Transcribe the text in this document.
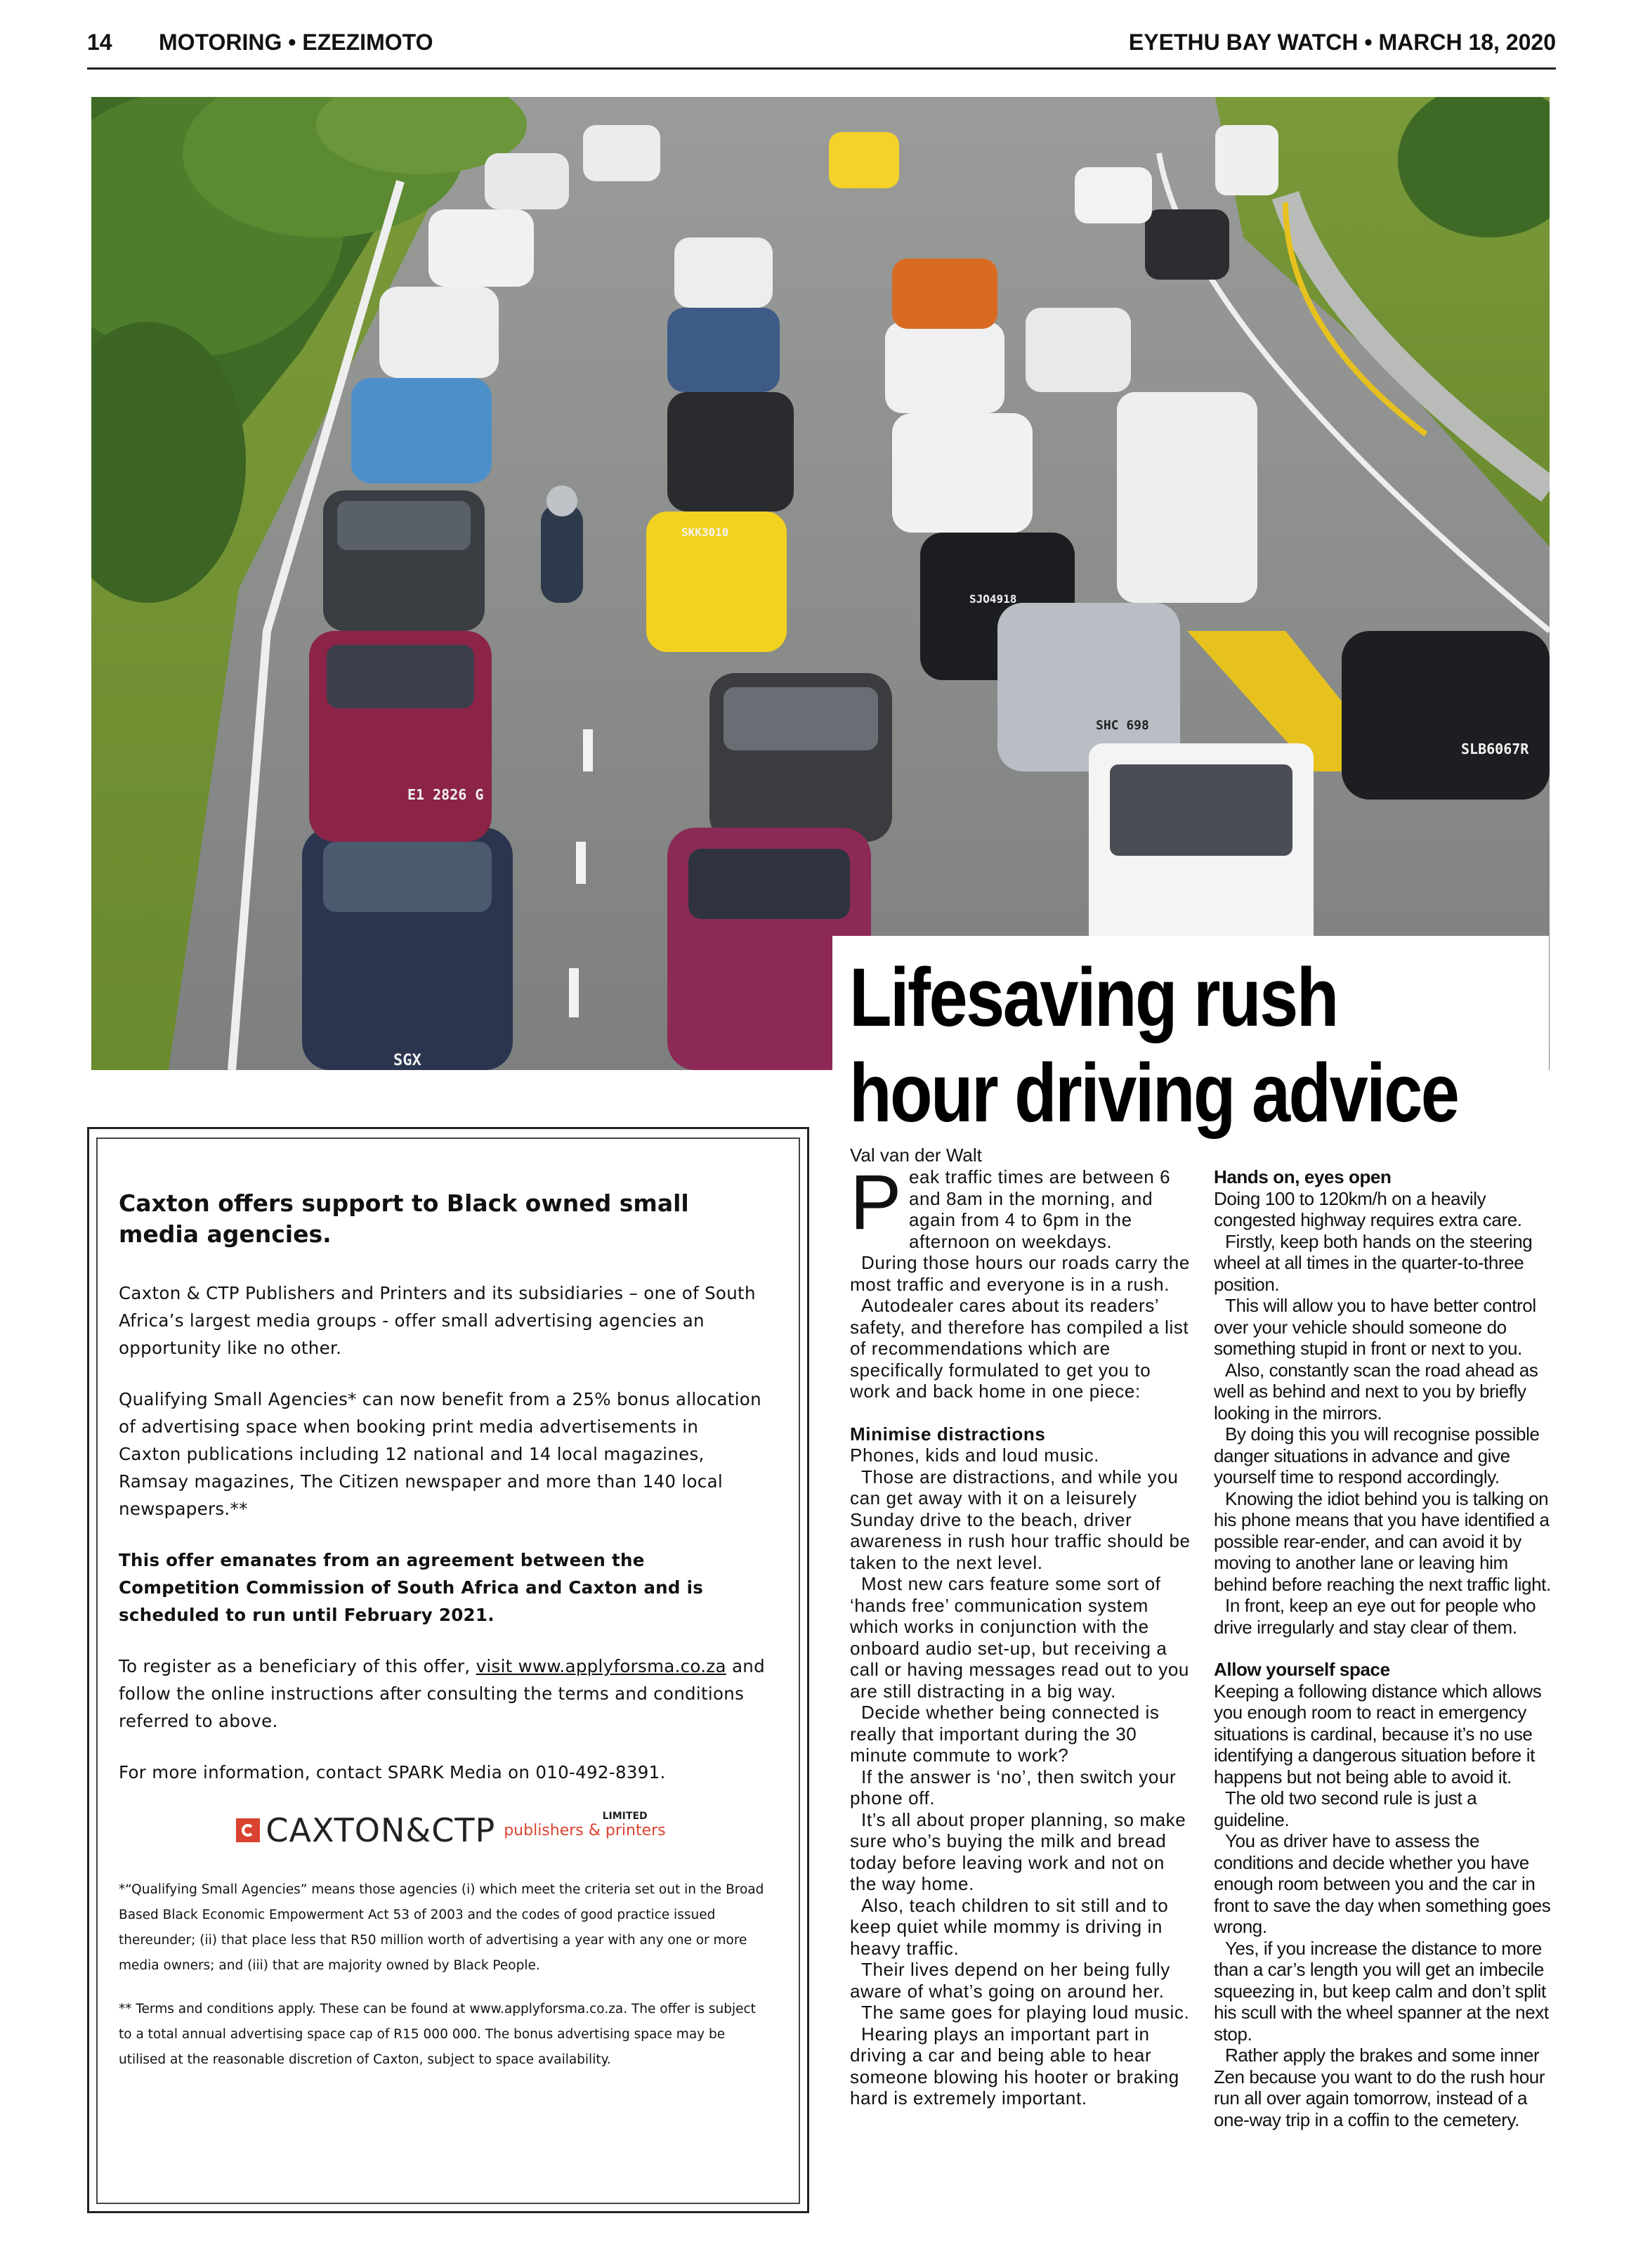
14 MOTORING • EZEZIMOTO	EYETHU BAY WATCH • MARCH 18, 2020
SGX
E1 2826 G
SHC 698
SLB6067R
SKK3010
SJO4918
Lifesaving rush
hour driving advice
Val van der Walt

Peak traffic times are between 6 and 8am in the morning, and again from 4 to 6pm in the afternoon on weekdays.

During those hours our roads carry the most traffic and everyone is in a rush.

Autodealer cares about its readers’ safety, and therefore has compiled a list of recommendations which are specifically formulated to get you to work and back home in one piece:

Minimise distractions

Phones, kids and loud music.

Those are distractions, and while you can get away with it on a leisurely Sunday drive to the beach, driver awareness in rush hour traffic should be taken to the next level.

Most new cars feature some sort of ‘hands free’ communication system which works in conjunction with the onboard audio set-up, but receiving a call or having messages read out to you are still distracting in a big way.

Decide whether being connected is really that important during the 30 minute commute to work?

If the answer is ‘no’, then switch your phone off.

It’s all about proper planning, so make sure who’s buying the milk and bread today before leaving work and not on the way home.

Also, teach children to sit still and to keep quiet while mommy is driving in heavy traffic.

Their lives depend on her being fully aware of what’s going on around her.

The same goes for playing loud music.

Hearing plays an important part in driving a car and being able to hear someone blowing his hooter or braking hard is extremely important.

Hands on, eyes open

Doing 100 to 120km/h on a heavily congested highway requires extra care.

Firstly, keep both hands on the steering wheel at all times in the quarter-to-three position.

This will allow you to have better control over your vehicle should someone do something stupid in front or next to you.

Also, constantly scan the road ahead as well as behind and next to you by briefly looking in the mirrors.

By doing this you will recognise possible danger situations in advance and give yourself time to respond accordingly.

Knowing the idiot behind you is talking on his phone means that you have identified a possible rear-ender, and can avoid it by moving to another lane or leaving him behind before reaching the next traffic light.

In front, keep an eye out for people who drive irregularly and stay clear of them.

Allow yourself space

Keeping a following distance which allows you enough room to react in emergency situations is cardinal, because it’s no use identifying a dangerous situation before it happens but not being able to avoid it.

The old two second rule is just a guideline.

You as driver have to assess the conditions and decide whether you have enough room between you and the car in front to save the day when something goes wrong.

Yes, if you increase the distance to more than a car’s length you will get an imbecile squeezing in, but keep calm and don’t split his scull with the wheel spanner at the next stop.

Rather apply the brakes and some inner Zen because you want to do the rush hour run all over again tomorrow, instead of a one-way trip in a coffin to the cemetery.

Caxton offers support to Black owned small media agencies.

Caxton & CTP Publishers and Printers and its subsidiaries – one of South Africa’s largest media groups - offer small advertising agencies an opportunity like no other.

Qualifying Small Agencies* can now benefit from a 25% bonus allocation of advertising space when booking print media advertisements in Caxton publications including 12 national and 14 local magazines, Ramsay magazines, The Citizen newspaper and more than 140 local newspapers.**

This offer emanates from an agreement between the Competition Commission of South Africa and Caxton and is scheduled to run until February 2021.

To register as a beneficiary of this offer, visit www.applyforsma.co.za and follow the online instructions after consulting the terms and conditions referred to above.

For more information, contact SPARK Media on 010-492-8391.

CAXTON&CTP publishers & printers
LIMITED

*“Qualifying Small Agencies” means those agencies (i) which meet the criteria set out in the Broad Based Black Economic Empowerment Act 53 of 2003 and the codes of good practice issued thereunder; (ii) that place less that R50 million worth of advertising a year with any one or more media owners; and (iii) that are majority owned by Black People.

** Terms and conditions apply. These can be found at www.applyforsma.co.za. The offer is subject to a total annual advertising space cap of R15 000 000. The bonus advertising space may be utilised at the reasonable discretion of Caxton, subject to space availability.
